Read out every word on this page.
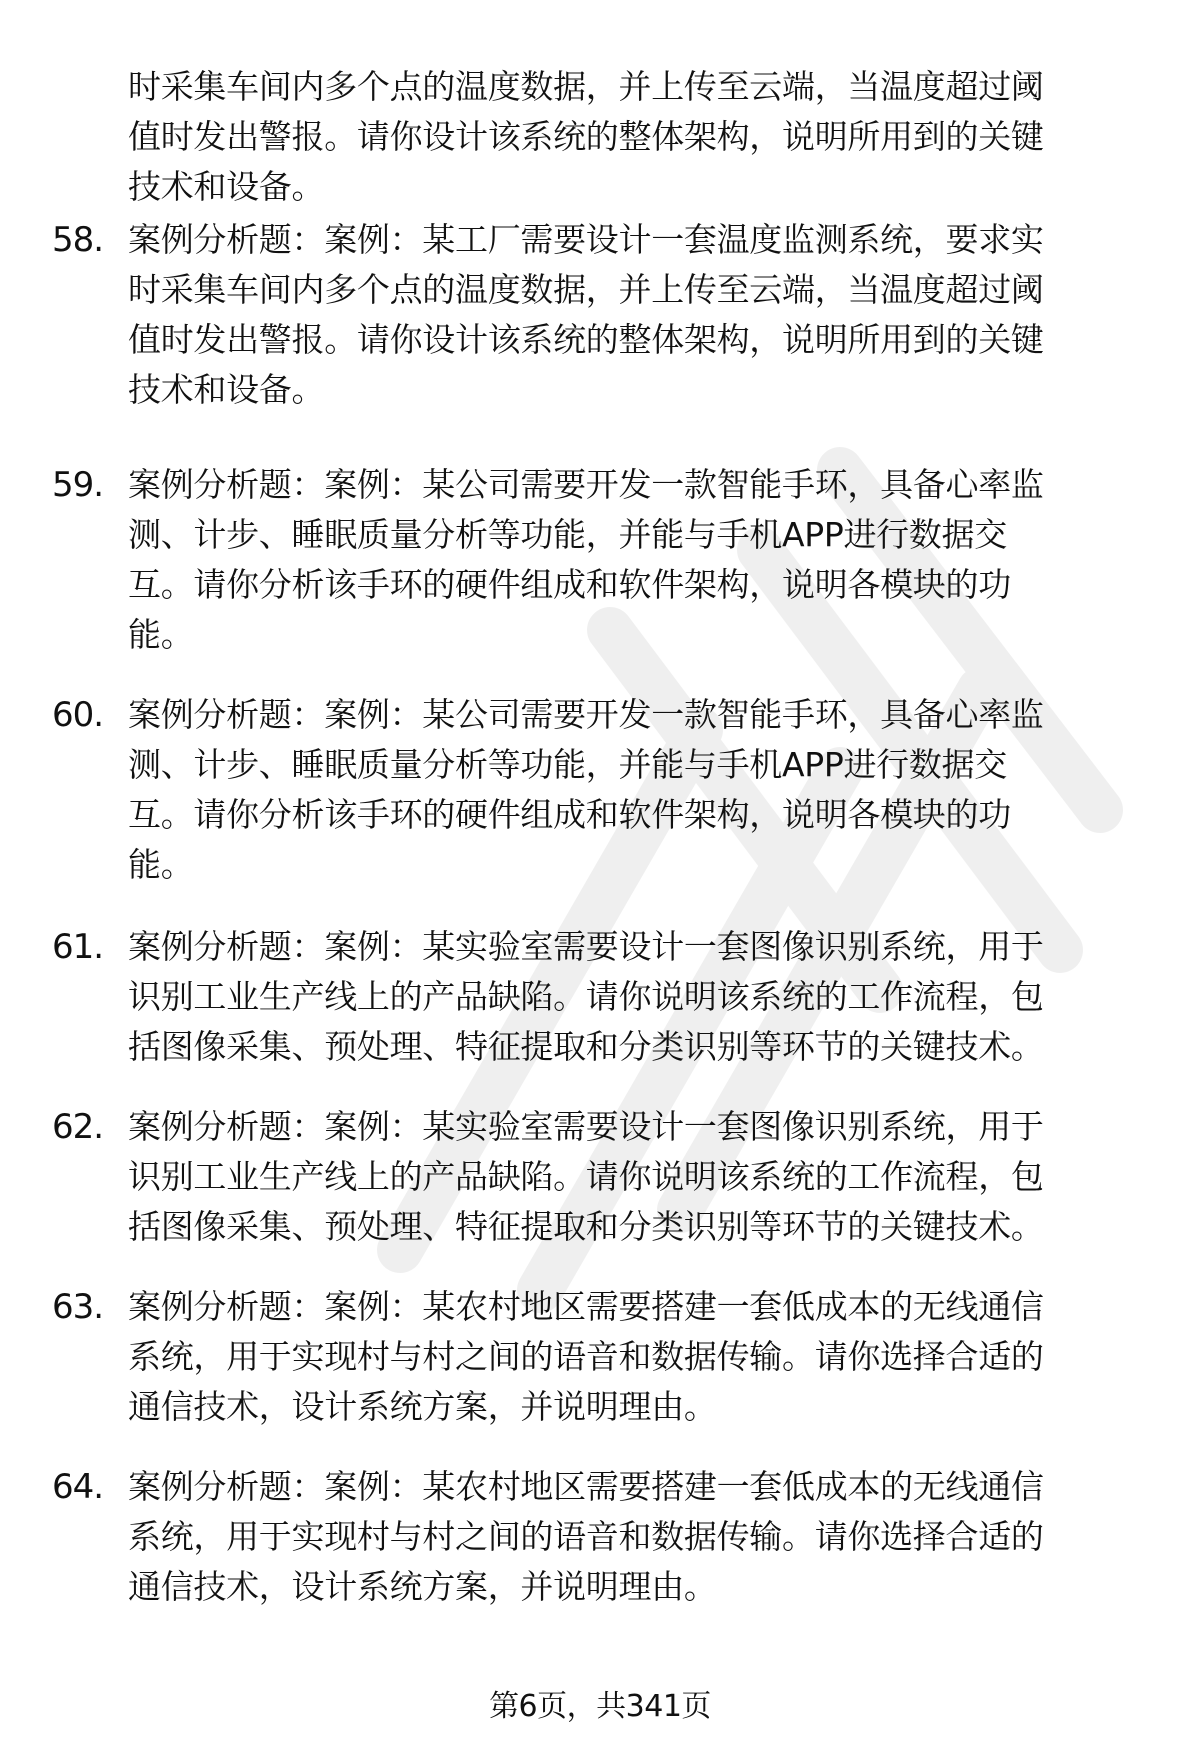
时采集车间内多个点的温度数据，并上传至云端，当温度超过阈
值时发出警报。请你设计该系统的整体架构，说明所用到的关键
技术和设备。
58. 案例分析题：案例：某工厂需要设计一套温度监测系统，要求实
时采集车间内多个点的温度数据，并上传至云端，当温度超过阈
值时发出警报。请你设计该系统的整体架构，说明所用到的关键
技术和设备。
59. 案例分析题：案例：某公司需要开发一款智能手环，具备心率监
测、计步、睡眠质量分析等功能，并能与手机APP进行数据交
互。请你分析该手环的硬件组成和软件架构，说明各模块的功
能。
60. 案例分析题：案例：某公司需要开发一款智能手环，具备心率监
测、计步、睡眠质量分析等功能，并能与手机APP进行数据交
互。请你分析该手环的硬件组成和软件架构，说明各模块的功
能。
61. 案例分析题：案例：某实验室需要设计一套图像识别系统，用于
识别工业生产线上的产品缺陷。请你说明该系统的工作流程，包
括图像采集、预处理、特征提取和分类识别等环节的关键技术。
62. 案例分析题：案例：某实验室需要设计一套图像识别系统，用于
识别工业生产线上的产品缺陷。请你说明该系统的工作流程，包
括图像采集、预处理、特征提取和分类识别等环节的关键技术。
63. 案例分析题：案例：某农村地区需要搭建一套低成本的无线通信
系统，用于实现村与村之间的语音和数据传输。请你选择合适的
通信技术，设计系统方案，并说明理由。
64. 案例分析题：案例：某农村地区需要搭建一套低成本的无线通信
系统，用于实现村与村之间的语音和数据传输。请你选择合适的
通信技术，设计系统方案，并说明理由。
第6页，共341页
